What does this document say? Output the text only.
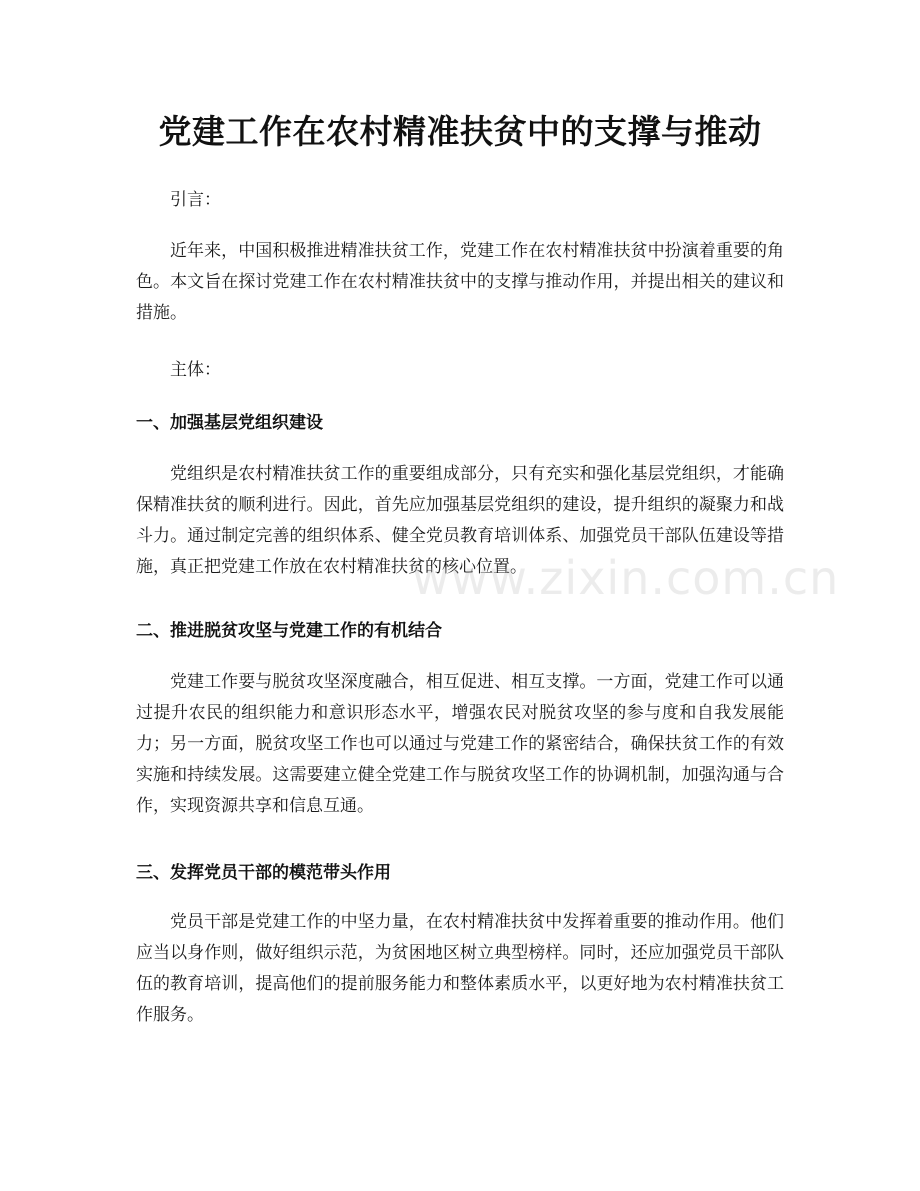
党建工作在农村精准扶贫中的支撑与推动

引言：

近年来，中国积极推进精准扶贫工作，党建工作在农村精准扶贫中扮演着重要的角色。本文旨在探讨党建工作在农村精准扶贫中的支撑与推动作用，并提出相关的建议和措施。

主体：

一、加强基层党组织建设

党组织是农村精准扶贫工作的重要组成部分，只有充实和强化基层党组织，才能确保精准扶贫的顺利进行。因此，首先应加强基层党组织的建设，提升组织的凝聚力和战斗力。通过制定完善的组织体系、健全党员教育培训体系、加强党员干部队伍建设等措施，真正把党建工作放在农村精准扶贫的核心位置。

二、推进脱贫攻坚与党建工作的有机结合

党建工作要与脱贫攻坚深度融合，相互促进、相互支撑。一方面，党建工作可以通过提升农民的组织能力和意识形态水平，增强农民对脱贫攻坚的参与度和自我发展能力；另一方面，脱贫攻坚工作也可以通过与党建工作的紧密结合，确保扶贫工作的有效实施和持续发展。这需要建立健全党建工作与脱贫攻坚工作的协调机制，加强沟通与合作，实现资源共享和信息互通。

三、发挥党员干部的模范带头作用

党员干部是党建工作的中坚力量，在农村精准扶贫中发挥着重要的推动作用。他们应当以身作则，做好组织示范，为贫困地区树立典型榜样。同时，还应加强党员干部队伍的教育培训，提高他们的提前服务能力和整体素质水平，以更好地为农村精准扶贫工作服务。

www.zixin.com.cn
